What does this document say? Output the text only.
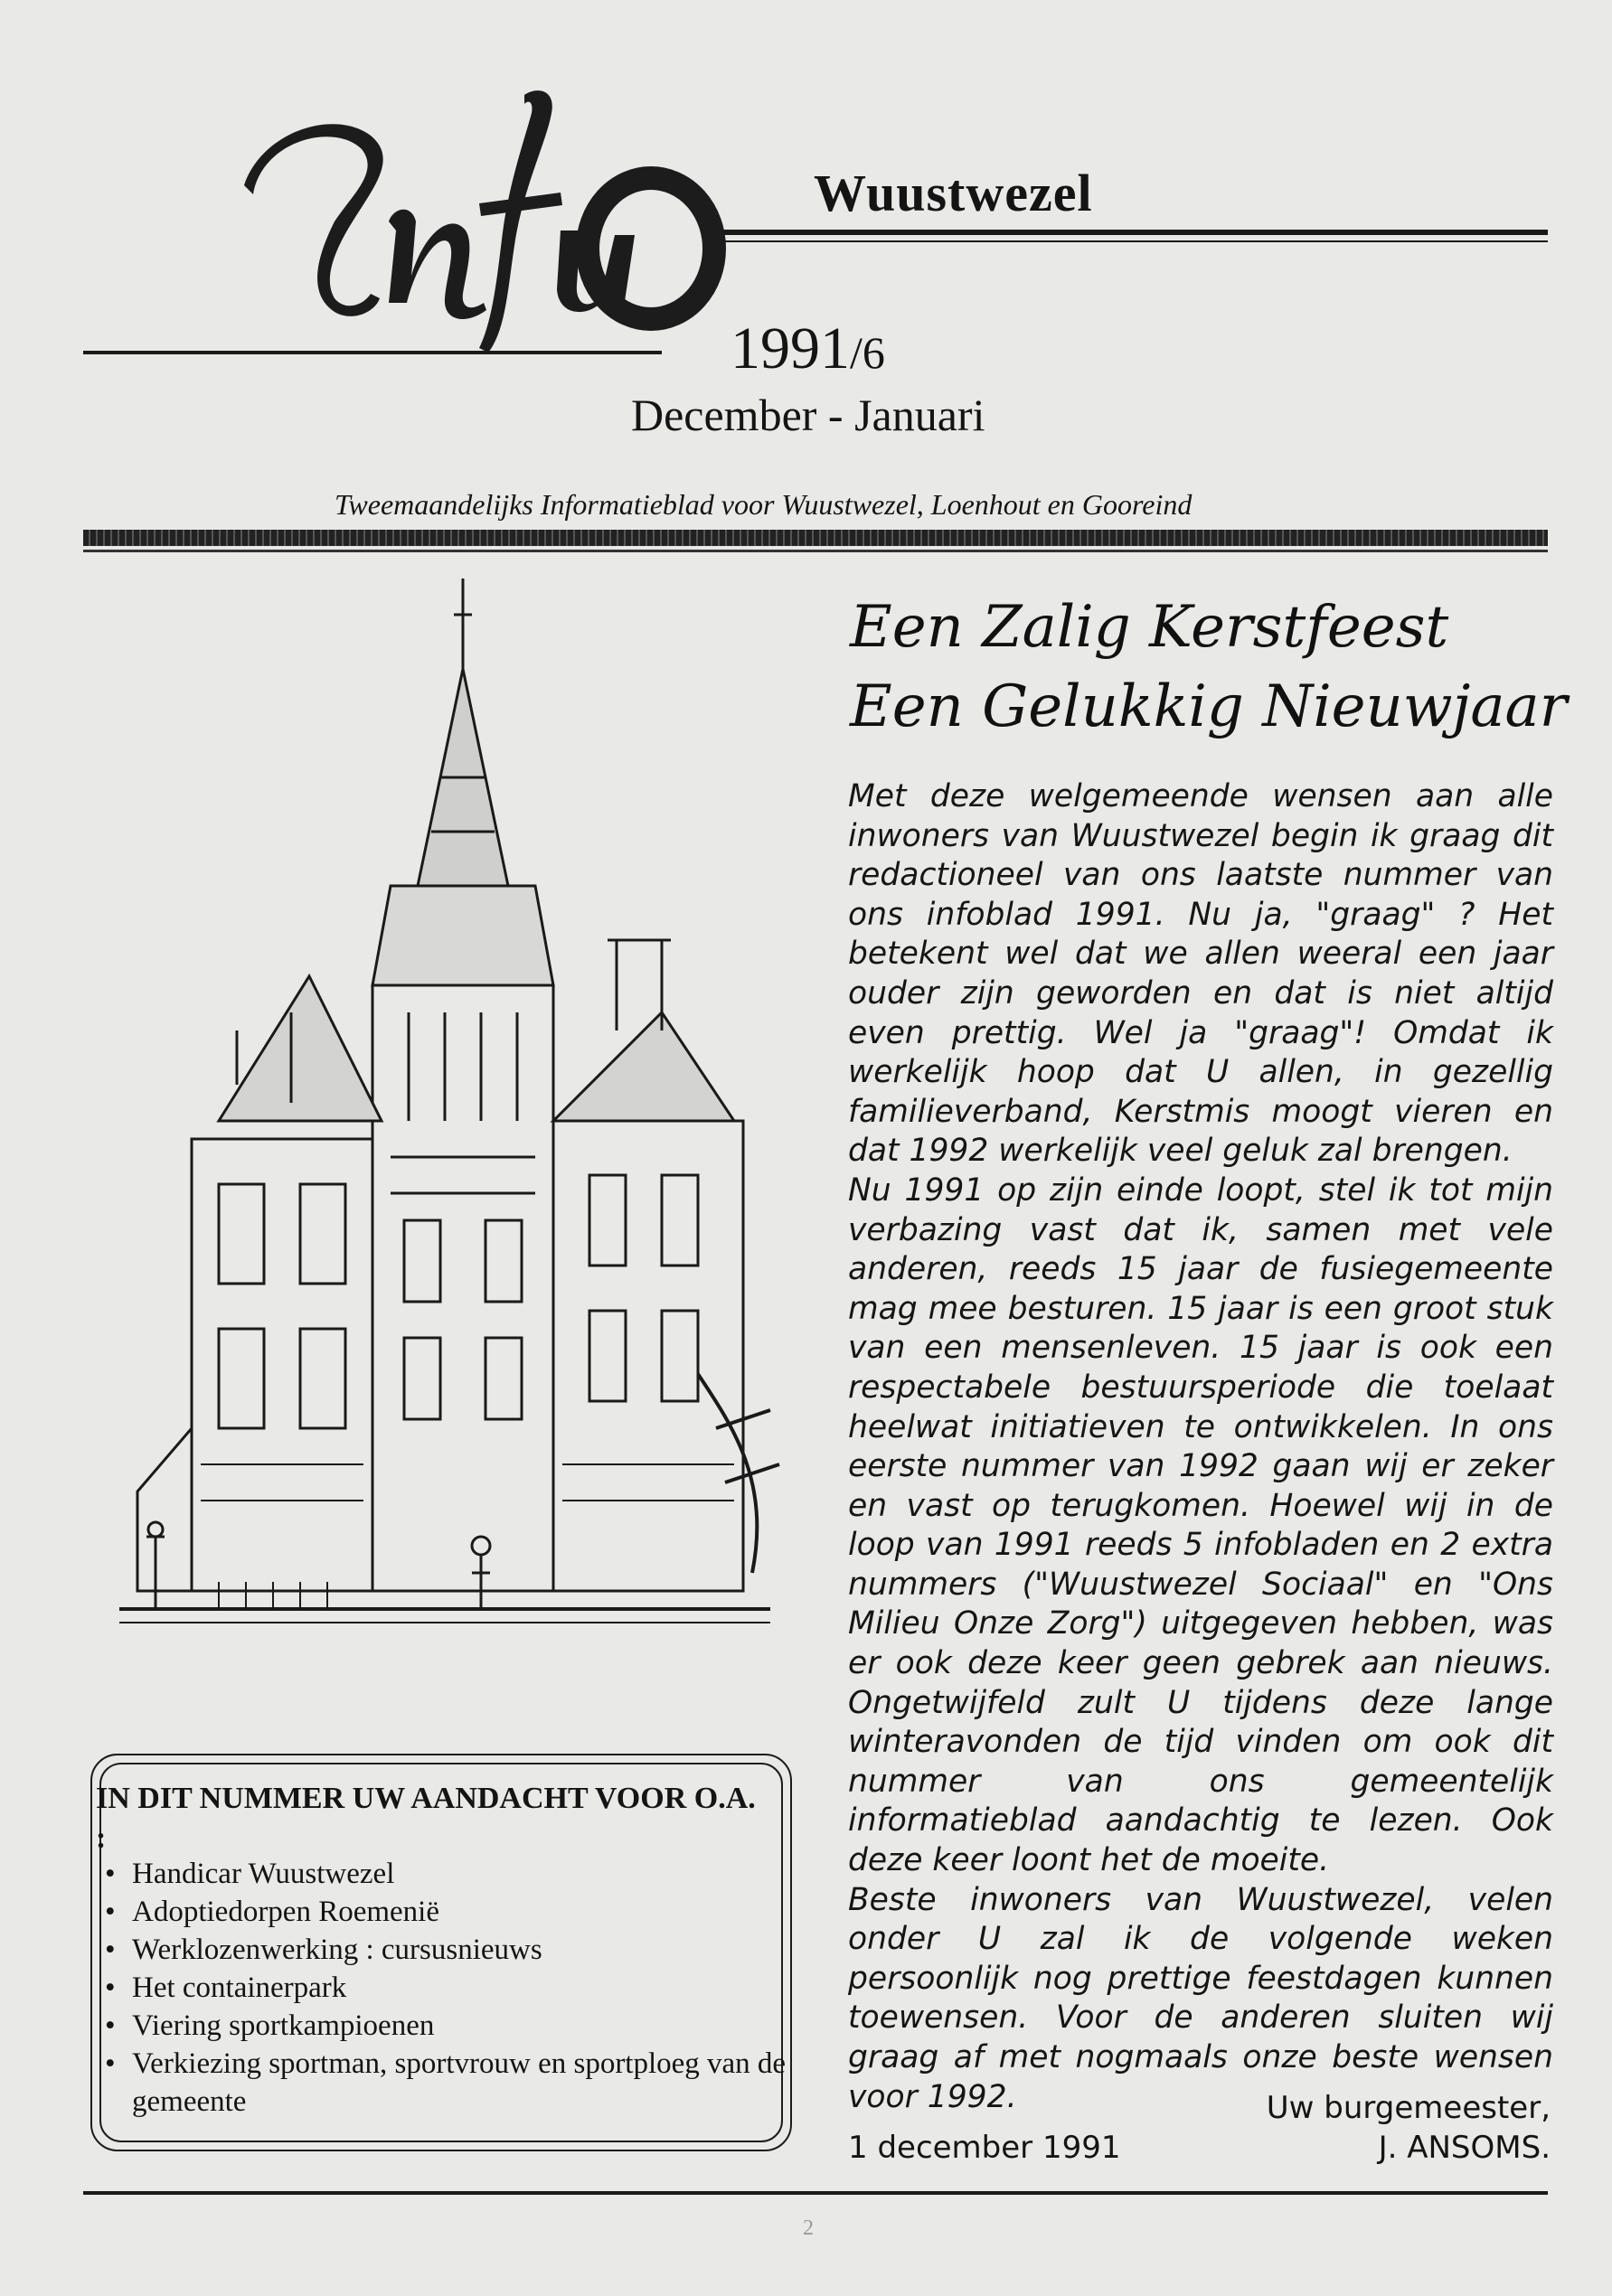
Wuustwezel
1991/6
December - Januari
Tweemaandelijks Informatieblad voor Wuustwezel, Loenhout en Gooreind
Een Zalig Kerstfeest
Een Gelukkig Nieuwjaar

Met deze welgemeende wensen aan alle inwoners van Wuustwezel begin ik graag dit redactioneel van ons laatste nummer van ons infoblad 1991. Nu ja, "graag" ? Het betekent wel dat we allen weeral een jaar ouder zijn geworden en dat is niet altijd even prettig. Wel ja "graag"! Omdat ik werkelijk hoop dat U allen, in gezellig familieverband, Kerstmis moogt vieren en dat 1992 werkelijk veel geluk zal brengen.

Nu 1991 op zijn einde loopt, stel ik tot mijn verbazing vast dat ik, samen met vele anderen, reeds 15 jaar de fusiegemeente mag mee besturen. 15 jaar is een groot stuk van een mensenleven. 15 jaar is ook een respectabele bestuursperiode die toelaat heelwat initiatieven te ontwikkelen. In ons eerste nummer van 1992 gaan wij er zeker en vast op terugkomen. Hoewel wij in de loop van 1991 reeds 5 infobladen en 2 extra nummers ("Wuustwezel Sociaal" en "Ons Milieu Onze Zorg") uitgegeven hebben, was er ook deze keer geen gebrek aan nieuws. Ongetwijfeld zult U tijdens deze lange winteravonden de tijd vinden om ook dit nummer van ons gemeentelijk informatieblad aandachtig te lezen. Ook deze keer loont het de moeite.

Beste inwoners van Wuustwezel, velen onder U zal ik de volgende weken persoonlijk nog prettige feestdagen kunnen toewensen. Voor de anderen sluiten wij graag af met nogmaals onze beste wensen voor 1992.	Uw burgemeester,
J. ANSOMS.
1 december 1991
IN DIT NUMMER UW AANDACHT VOOR O.A. :
• Handicar Wuustwezel
• Adoptiedorpen Roemenië
• Werklozenwerking : cursusnieuws
• Het containerpark
• Viering sportkampioenen
• Verkiezing sportman, sportvrouw en sportploeg van de gemeente
2
